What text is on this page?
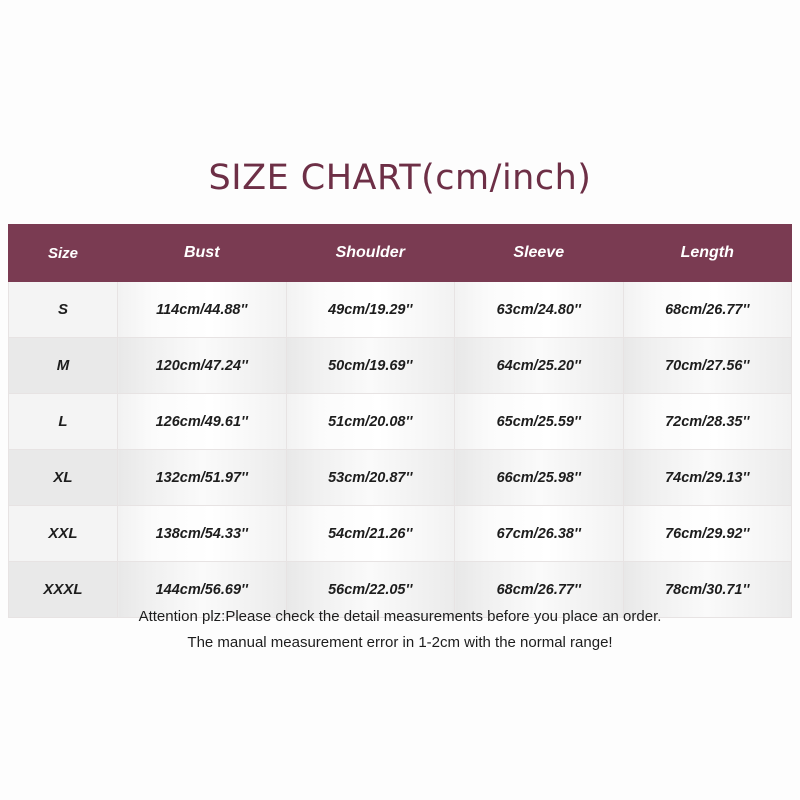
SIZE CHART(cm/inch)
Size	Bust	Shoulder	Sleeve	Length
S	114cm/44.88''	49cm/19.29''	63cm/24.80''	68cm/26.77''
M	120cm/47.24''	50cm/19.69''	64cm/25.20''	70cm/27.56''
L	126cm/49.61''	51cm/20.08''	65cm/25.59''	72cm/28.35''
XL	132cm/51.97''	53cm/20.87''	66cm/25.98''	74cm/29.13''
XXL	138cm/54.33''	54cm/21.26''	67cm/26.38''	76cm/29.92''
XXXL	144cm/56.69''	56cm/22.05''	68cm/26.77''	78cm/30.71''
Attention plz:Please check the detail measurements before you place an order.
The manual measurement error in 1-2cm with the normal range!
